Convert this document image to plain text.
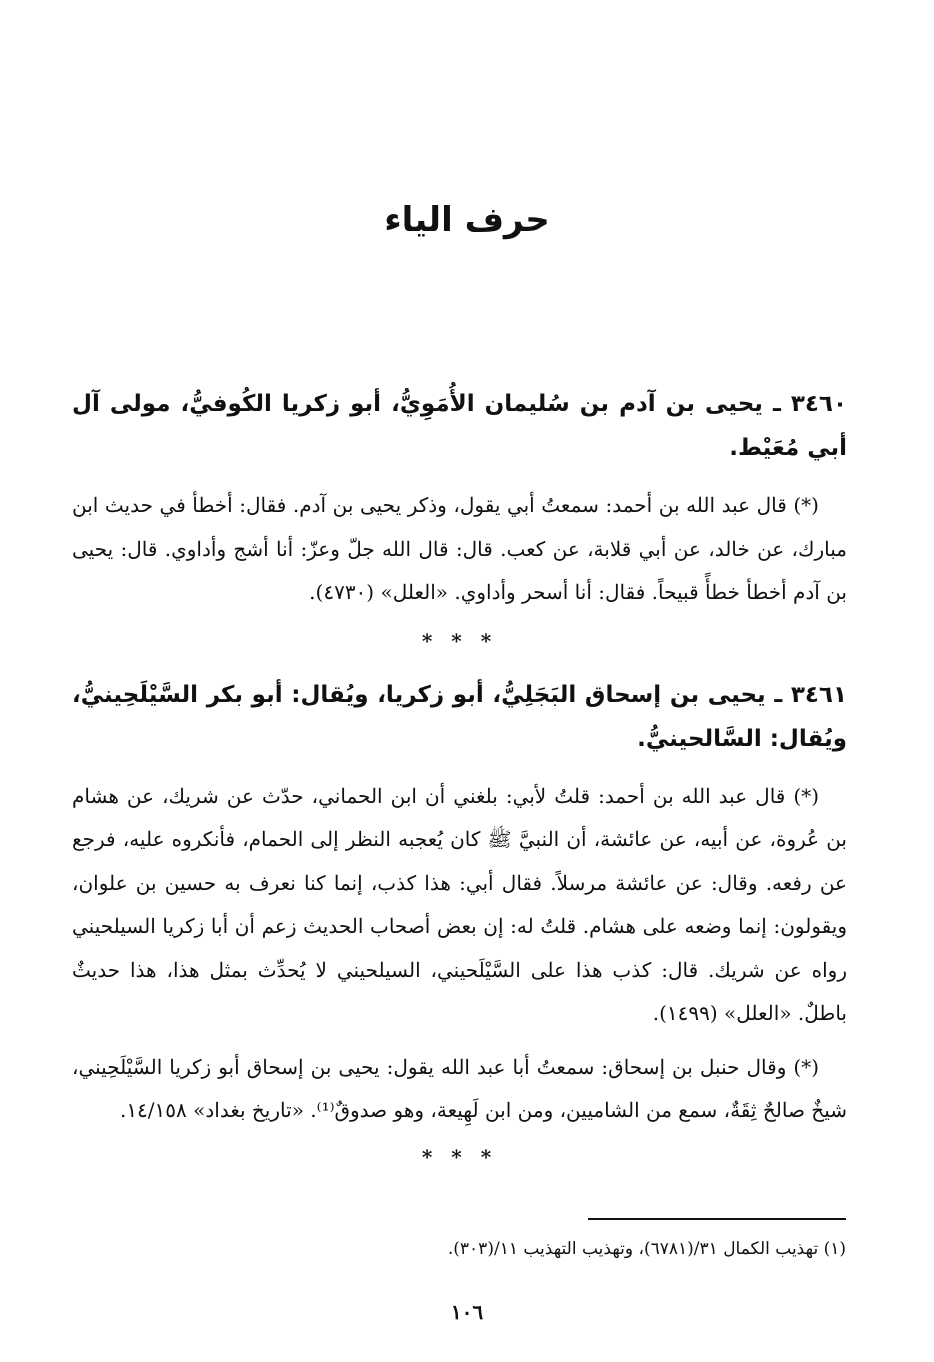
حرف الياء

٣٤٦٠ ـ يحيى بن آدم بن سُليمان الأُمَوِيُّ، أبو زكريا الكُوفيُّ، مولى آل أبي مُعَيْط.

(*) قال عبد الله بن أحمد: سمعتُ أبي يقول، وذكر يحيى بن آدم. فقال: أخطأ في حديث ابن مبارك، عن خالد، عن أبي قلابة، عن كعب. قال: قال الله جلّ وعزّ: أنا أشج وأداوي. قال: يحيى بن آدم أخطأ خطأً قبيحاً. فقال: أنا أسحر وأداوي. «العلل» (٤٧٣٠).

* * *

٣٤٦١ ـ يحيى بن إسحاق البَجَلِيُّ، أبو زكريا، ويُقال: أبو بكر السَّيْلَحِينيُّ، ويُقال: السَّالحينيُّ.

(*) قال عبد الله بن أحمد: قلتُ لأبي: بلغني أن ابن الحماني، حدّث عن شريك، عن هشام بن عُروة، عن أبيه، عن عائشة، أن النبيَّ ﷺ كان يُعجبه النظر إلى الحمام، فأنكروه عليه، فرجع عن رفعه. وقال: عن عائشة مرسلاً. فقال أبي: هذا كذب، إنما كنا نعرف به حسين بن علوان، ويقولون: إنما وضعه على هشام. قلتُ له: إن بعض أصحاب الحديث زعم أن أبا زكريا السيلحيني رواه عن شريك. قال: كذب هذا على السَّيْلَحيني، السيلحيني لا يُحدِّث بمثل هذا، هذا حديثٌ باطلٌ. «العلل» (١٤٩٩).

(*) وقال حنبل بن إسحاق: سمعتُ أبا عبد الله يقول: يحيى بن إسحاق أبو زكريا السَّيْلَحِيني، شيخٌ صالحٌ ثِقَةٌ، سمع من الشاميين، ومن ابن لَهِيعة، وهو صدوقٌ⁽¹⁾. «تاريخ بغداد» ١٤/١٥٨.

* * *
(١) تهذيب الكمال ٣١/(٦٧٨١)، وتهذيب التهذيب ١١/(٣٠٣).
١٠٦
